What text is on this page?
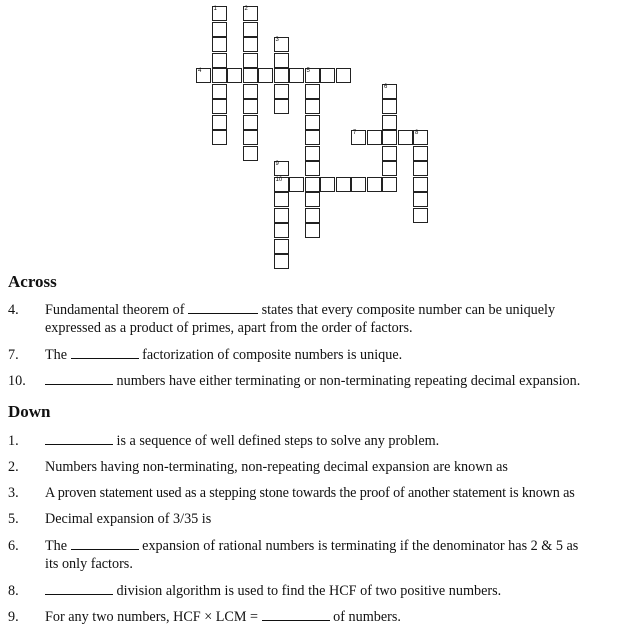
1	2
3
4	5
6
7	8
9
10
Across
4. Fundamental theorem of	states that every composite number can be uniquely
expressed as a product of primes, apart from the order of factors.
7. The	factorization of composite numbers is unique.
10.	numbers have either terminating or non-terminating repeating decimal expansion.
Down
1.	is a sequence of well defined steps to solve any problem.
2. Numbers having non-terminating, non-repeating decimal expansion are known as
3. A proven statement used as a stepping stone towards the proof of another statement is known as
5. Decimal expansion of 3/35 is
6. The	expansion of rational numbers is terminating if the denominator has 2 & 5 as
its only factors.
8.	division algorithm is used to find the HCF of two positive numbers.
9. For any two numbers, HCF × LCM =	of numbers.
